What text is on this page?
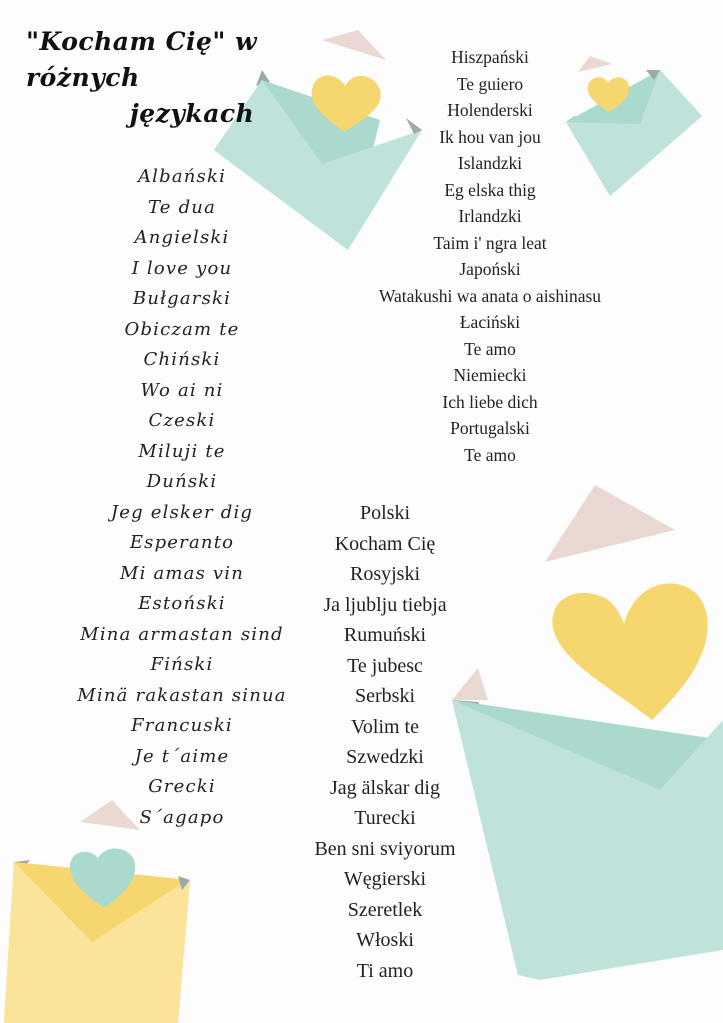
"Kocham Cię" w różnych
językach
Albański
Te dua
Angielski
I love you
Bułgarski
Obiczam te
Chiński
Wo ai ni
Czeski
Miluji te
Duński
Jeg elsker dig
Esperanto
Mi amas vin
Estoński
Mina armastan sind
Fiński
Minä rakastan sinua
Francuski
Je t´aime
Grecki
S´agapo
Hiszpański
Te guiero
Holenderski
Ik hou van jou
Islandzki
Eg elska thig
Irlandzki
Taim i' ngra leat
Japoński
Watakushi wa anata o aishinasu
Łaciński
Te amo
Niemiecki
Ich liebe dich
Portugalski
Te amo
Polski
Kocham Cię
Rosyjski
Ja ljublju tiebja
Rumuński
Te jubesc
Serbski
Volim te
Szwedzki
Jag älskar dig
Turecki
Ben sni sviyorum
Węgierski
Szeretlek
Włoski
Ti amo
